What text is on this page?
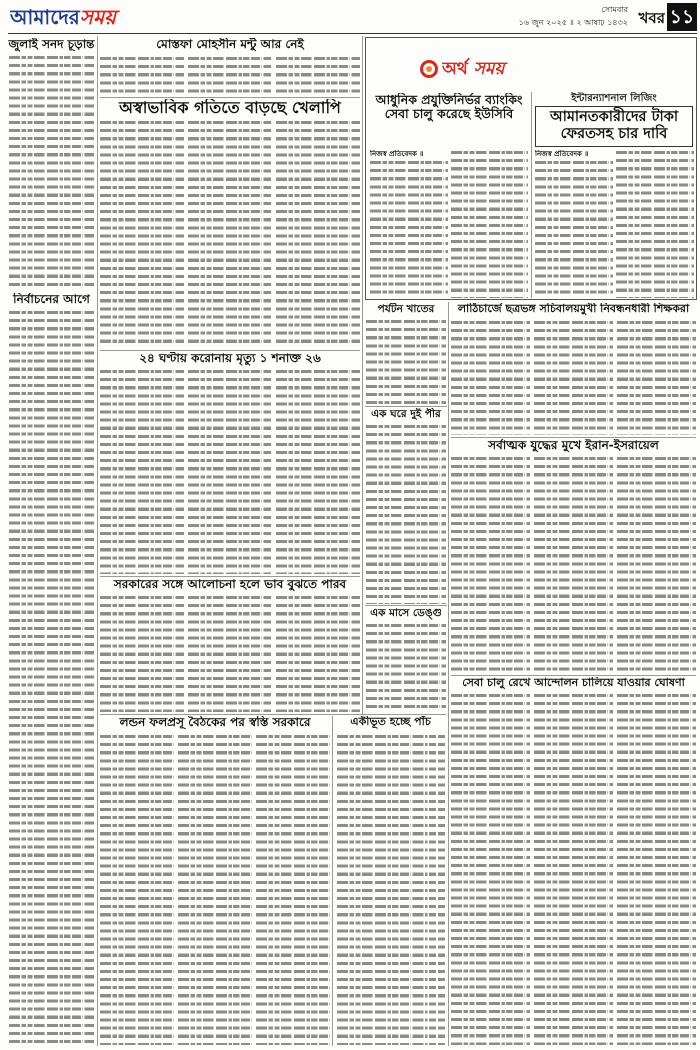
আমাদেরসময়	সোমবার
১৬ জুন ২০২৫ ॥ ২ আষাঢ় ১৪৩২ খবর ১১
জুলাই সনদ চূড়ান্ত
নির্বাচনের আগে
মোস্তফা মোহসীন মন্টু আর নেই
অস্বাভাবিক গতিতে বাড়ছে খেলাপি
২৪ ঘণ্টায় করোনায় মৃত্যু ১ শনাক্ত ২৬
সরকারের সঙ্গে আলোচনা হলে ভাব বুঝতে পারব
লন্ডন ফলপ্রসূ বৈঠকের পর স্বস্তি সরকারে	একীভূত হচ্ছে পাঁচ
অর্থ সময়
আধুনিক প্রযুক্তিনির্ভর ব্যাংকিং সেবা চালু করেছে ইউসিবি
ইন্টারন্যাশনাল লিজিং
আমানতকারীদের টাকা ফেরতসহ চার দাবি
নিজস্ব প্রতিবেদক ॥	নিজস্ব প্রতিবেদক ॥
পর্যটন খাতের
এক ঘরে দুই পীর
এক মাসে ডেঙ্গু
লাঠিচার্জে ছত্রভঙ্গ সচিবালয়মুখী নিবন্ধনধারী শিক্ষকরা
সর্বাত্মক যুদ্ধের মুখে ইরান-ইসরায়েল
সেবা চালু রেখে আন্দোলন চালিয়ে যাওয়ার ঘোষণা
